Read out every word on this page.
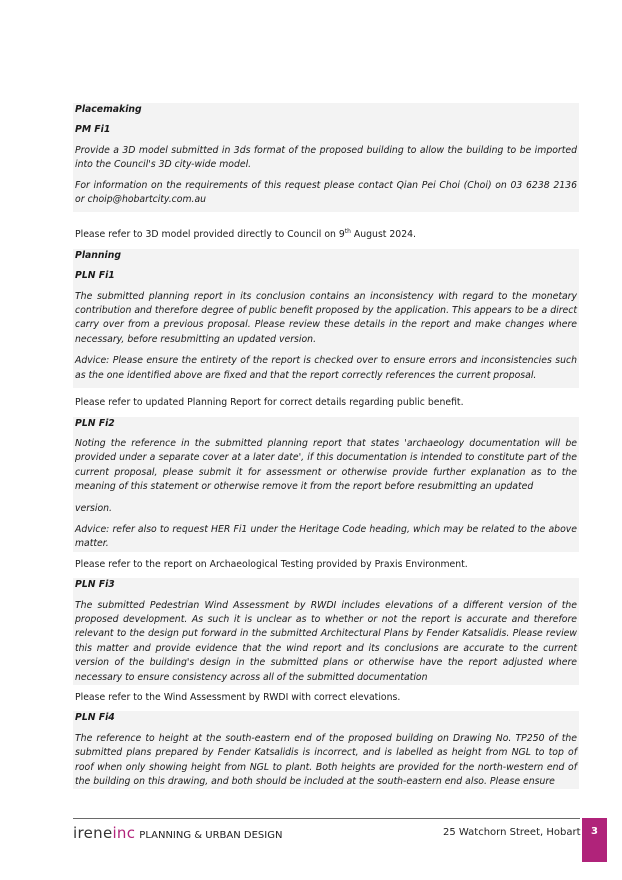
Placemaking

PM Fi1

Provide a 3D model submitted in 3ds format of the proposed building to allow the building to be imported into the Council's 3D city-wide model.

For information on the requirements of this request please contact Qian Pei Choi (Choi) on 03 6238 2136 or choip@hobartcity.com.au

Please refer to 3D model provided directly to Council on 9th August 2024.

Planning

PLN Fi1

The submitted planning report in its conclusion contains an inconsistency with regard to the monetary contribution and therefore degree of public benefit proposed by the application. This appears to be a direct carry over from a previous proposal. Please review these details in the report and make changes where necessary, before resubmitting an updated version.

Advice: Please ensure the entirety of the report is checked over to ensure errors and inconsistencies such as the one identified above are fixed and that the report correctly references the current proposal.

Please refer to updated Planning Report for correct details regarding public benefit.

PLN Fi2

Noting the reference in the submitted planning report that states 'archaeology documentation will be provided under a separate cover at a later date', if this documentation is intended to constitute part of the current proposal, please submit it for assessment or otherwise provide further explanation as to the meaning of this statement or otherwise remove it from the report before resubmitting an updated

version.

Advice: refer also to request HER Fi1 under the Heritage Code heading, which may be related to the above matter.

Please refer to the report on Archaeological Testing provided by Praxis Environment.

PLN Fi3

The submitted Pedestrian Wind Assessment by RWDI includes elevations of a different version of the proposed development. As such it is unclear as to whether or not the report is accurate and therefore relevant to the design put forward in the submitted Architectural Plans by Fender Katsalidis. Please review this matter and provide evidence that the wind report and its conclusions are accurate to the current version of the building's design in the submitted plans or otherwise have the report adjusted where necessary to ensure consistency across all of the submitted documentation

Please refer to the Wind Assessment by RWDI with correct elevations.

PLN Fi4

The reference to height at the south-eastern end of the proposed building on Drawing No. TP250 of the submitted plans prepared by Fender Katsalidis is incorrect, and is labelled as height from NGL to top of roof when only showing height from NGL to plant. Both heights are provided for the north-western end of the building on this drawing, and both should be included at the south-eastern end also. Please ensure

ireneinc PLANNING & URBAN DESIGN	25 Watchorn Street, Hobart	3
